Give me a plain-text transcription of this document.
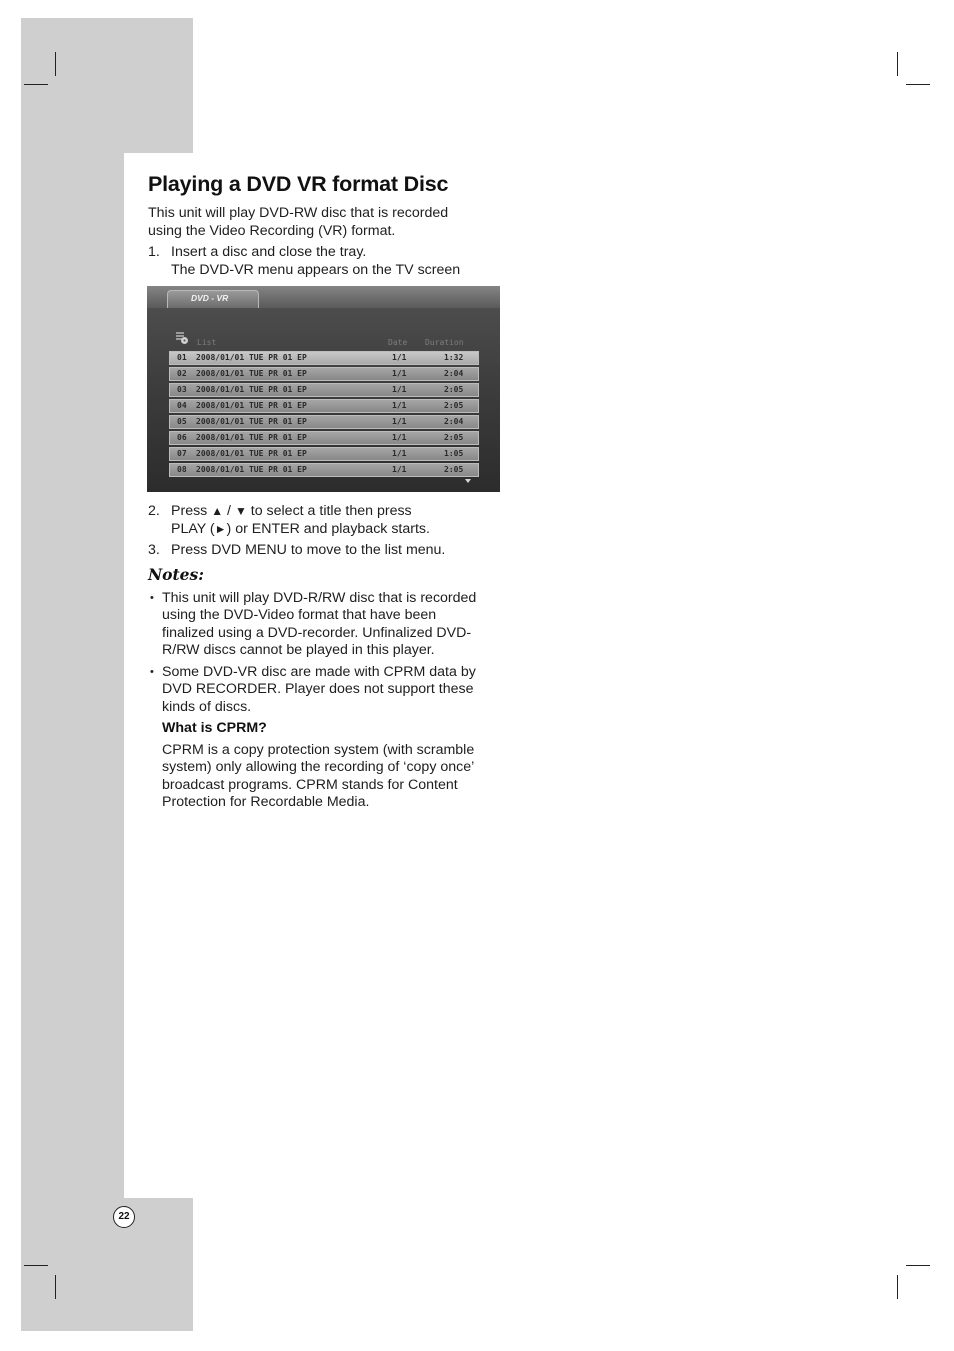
Playing a DVD VR format Disc
This unit will play DVD-RW disc that is recorded
using the Video Recording (VR) format.
1. Insert a disc and close the tray.
The DVD-VR menu appears on the TV screen
DVD - VR
List	Date Duration
01 2008/01/01 TUE PR 01 EP	1/1	1:32
02 2008/01/01 TUE PR 01 EP	1/1	2:04
03 2008/01/01 TUE PR 01 EP	1/1	2:05
04 2008/01/01 TUE PR 01 EP	1/1	2:05
05 2008/01/01 TUE PR 01 EP	1/1	2:04
06 2008/01/01 TUE PR 01 EP	1/1	2:05
07 2008/01/01 TUE PR 01 EP	1/1	1:05
08 2008/01/01 TUE PR 01 EP	1/1	2:05
2. Press ▲ / ▼ to select a title then press
PLAY (►) or ENTER and playback starts.
3. Press DVD MENU to move to the list menu.
Notes:
• This unit will play DVD-R/RW disc that is recorded
using the DVD-Video format that have been
finalized using a DVD-recorder. Unfinalized DVD-
R/RW discs cannot be played in this player.
• Some DVD-VR disc are made with CPRM data by
DVD RECORDER. Player does not support these
kinds of discs.
What is CPRM?
CPRM is a copy protection system (with scramble
system) only allowing the recording of ‘copy once’
broadcast programs. CPRM stands for Content
Protection for Recordable Media.
22
